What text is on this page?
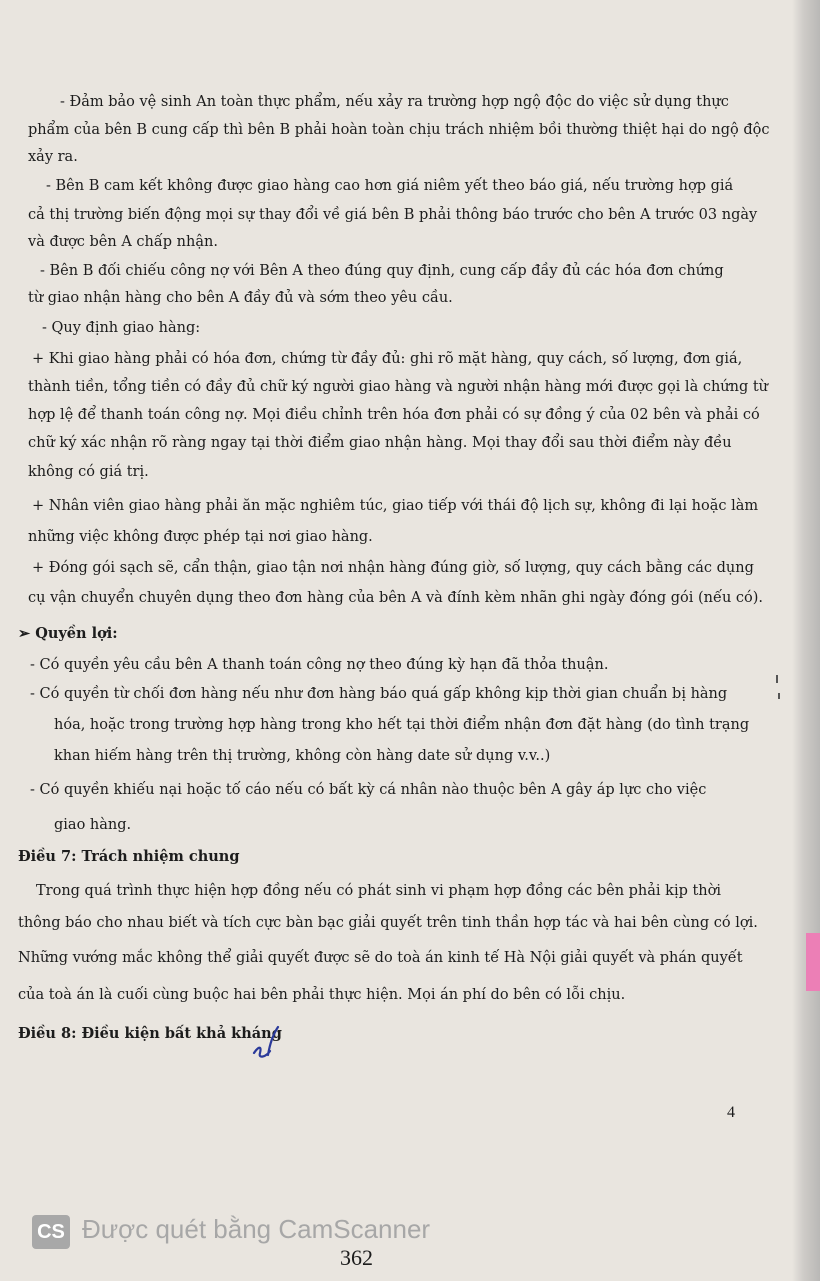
- Đảm bảo vệ sinh An toàn thực phẩm, nếu xảy ra trường hợp ngộ độc do việc sử dụng thực
phẩm của bên B cung cấp thì bên B phải hoàn toàn chịu trách nhiệm bồi thường thiệt hại do ngộ độc
xảy ra.
- Bên B cam kết không được giao hàng cao hơn giá niêm yết theo báo giá, nếu trường hợp giá
cả thị trường biến động mọi sự thay đổi về giá bên B phải thông báo trước cho bên A trước 03 ngày
và được bên A chấp nhận.
- Bên B đối chiếu công nợ với Bên A theo đúng quy định, cung cấp đầy đủ các hóa đơn chứng
từ giao nhận hàng cho bên A đầy đủ và sớm theo yêu cầu.
- Quy định giao hàng:
+ Khi giao hàng phải có hóa đơn, chứng từ đầy đủ: ghi rõ mặt hàng, quy cách, số lượng, đơn giá,
thành tiền, tổng tiền có đầy đủ chữ ký người giao hàng và người nhận hàng mới được gọi là chứng từ
hợp lệ để thanh toán công nợ. Mọi điều chỉnh trên hóa đơn phải có sự đồng ý của 02 bên và phải có
chữ ký xác nhận rõ ràng ngay tại thời điểm giao nhận hàng. Mọi thay đổi sau thời điểm này đều
không có giá trị.
+ Nhân viên giao hàng phải ăn mặc nghiêm túc, giao tiếp với thái độ lịch sự, không đi lại hoặc làm
những việc không được phép tại nơi giao hàng.
+ Đóng gói sạch sẽ, cẩn thận, giao tận nơi nhận hàng đúng giờ, số lượng, quy cách bằng các dụng
cụ vận chuyển chuyên dụng theo đơn hàng của bên A và đính kèm nhãn ghi ngày đóng gói (nếu có).
➢ Quyền lợi:
- Có quyền yêu cầu bên A thanh toán công nợ theo đúng kỳ hạn đã thỏa thuận.
- Có quyền từ chối đơn hàng nếu như đơn hàng báo quá gấp không kịp thời gian chuẩn bị hàng
hóa, hoặc trong trường hợp hàng trong kho hết tại thời điểm nhận đơn đặt hàng (do tình trạng
khan hiếm hàng trên thị trường, không còn hàng date sử dụng v.v..)
- Có quyền khiếu nại hoặc tố cáo nếu có bất kỳ cá nhân nào thuộc bên A gây áp lực cho việc
giao hàng.
Điều 7: Trách nhiệm chung
Trong quá trình thực hiện hợp đồng nếu có phát sinh vi phạm hợp đồng các bên phải kịp thời
thông báo cho nhau biết và tích cực bàn bạc giải quyết trên tinh thần hợp tác và hai bên cùng có lợi.
Những vướng mắc không thể giải quyết được sẽ do toà án kinh tế Hà Nội giải quyết và phán quyết
của toà án là cuối cùng buộc hai bên phải thực hiện. Mọi án phí do bên có lỗi chịu.
Điều 8: Điều kiện bất khả kháng
4
CS Được quét bằng CamScanner
362
